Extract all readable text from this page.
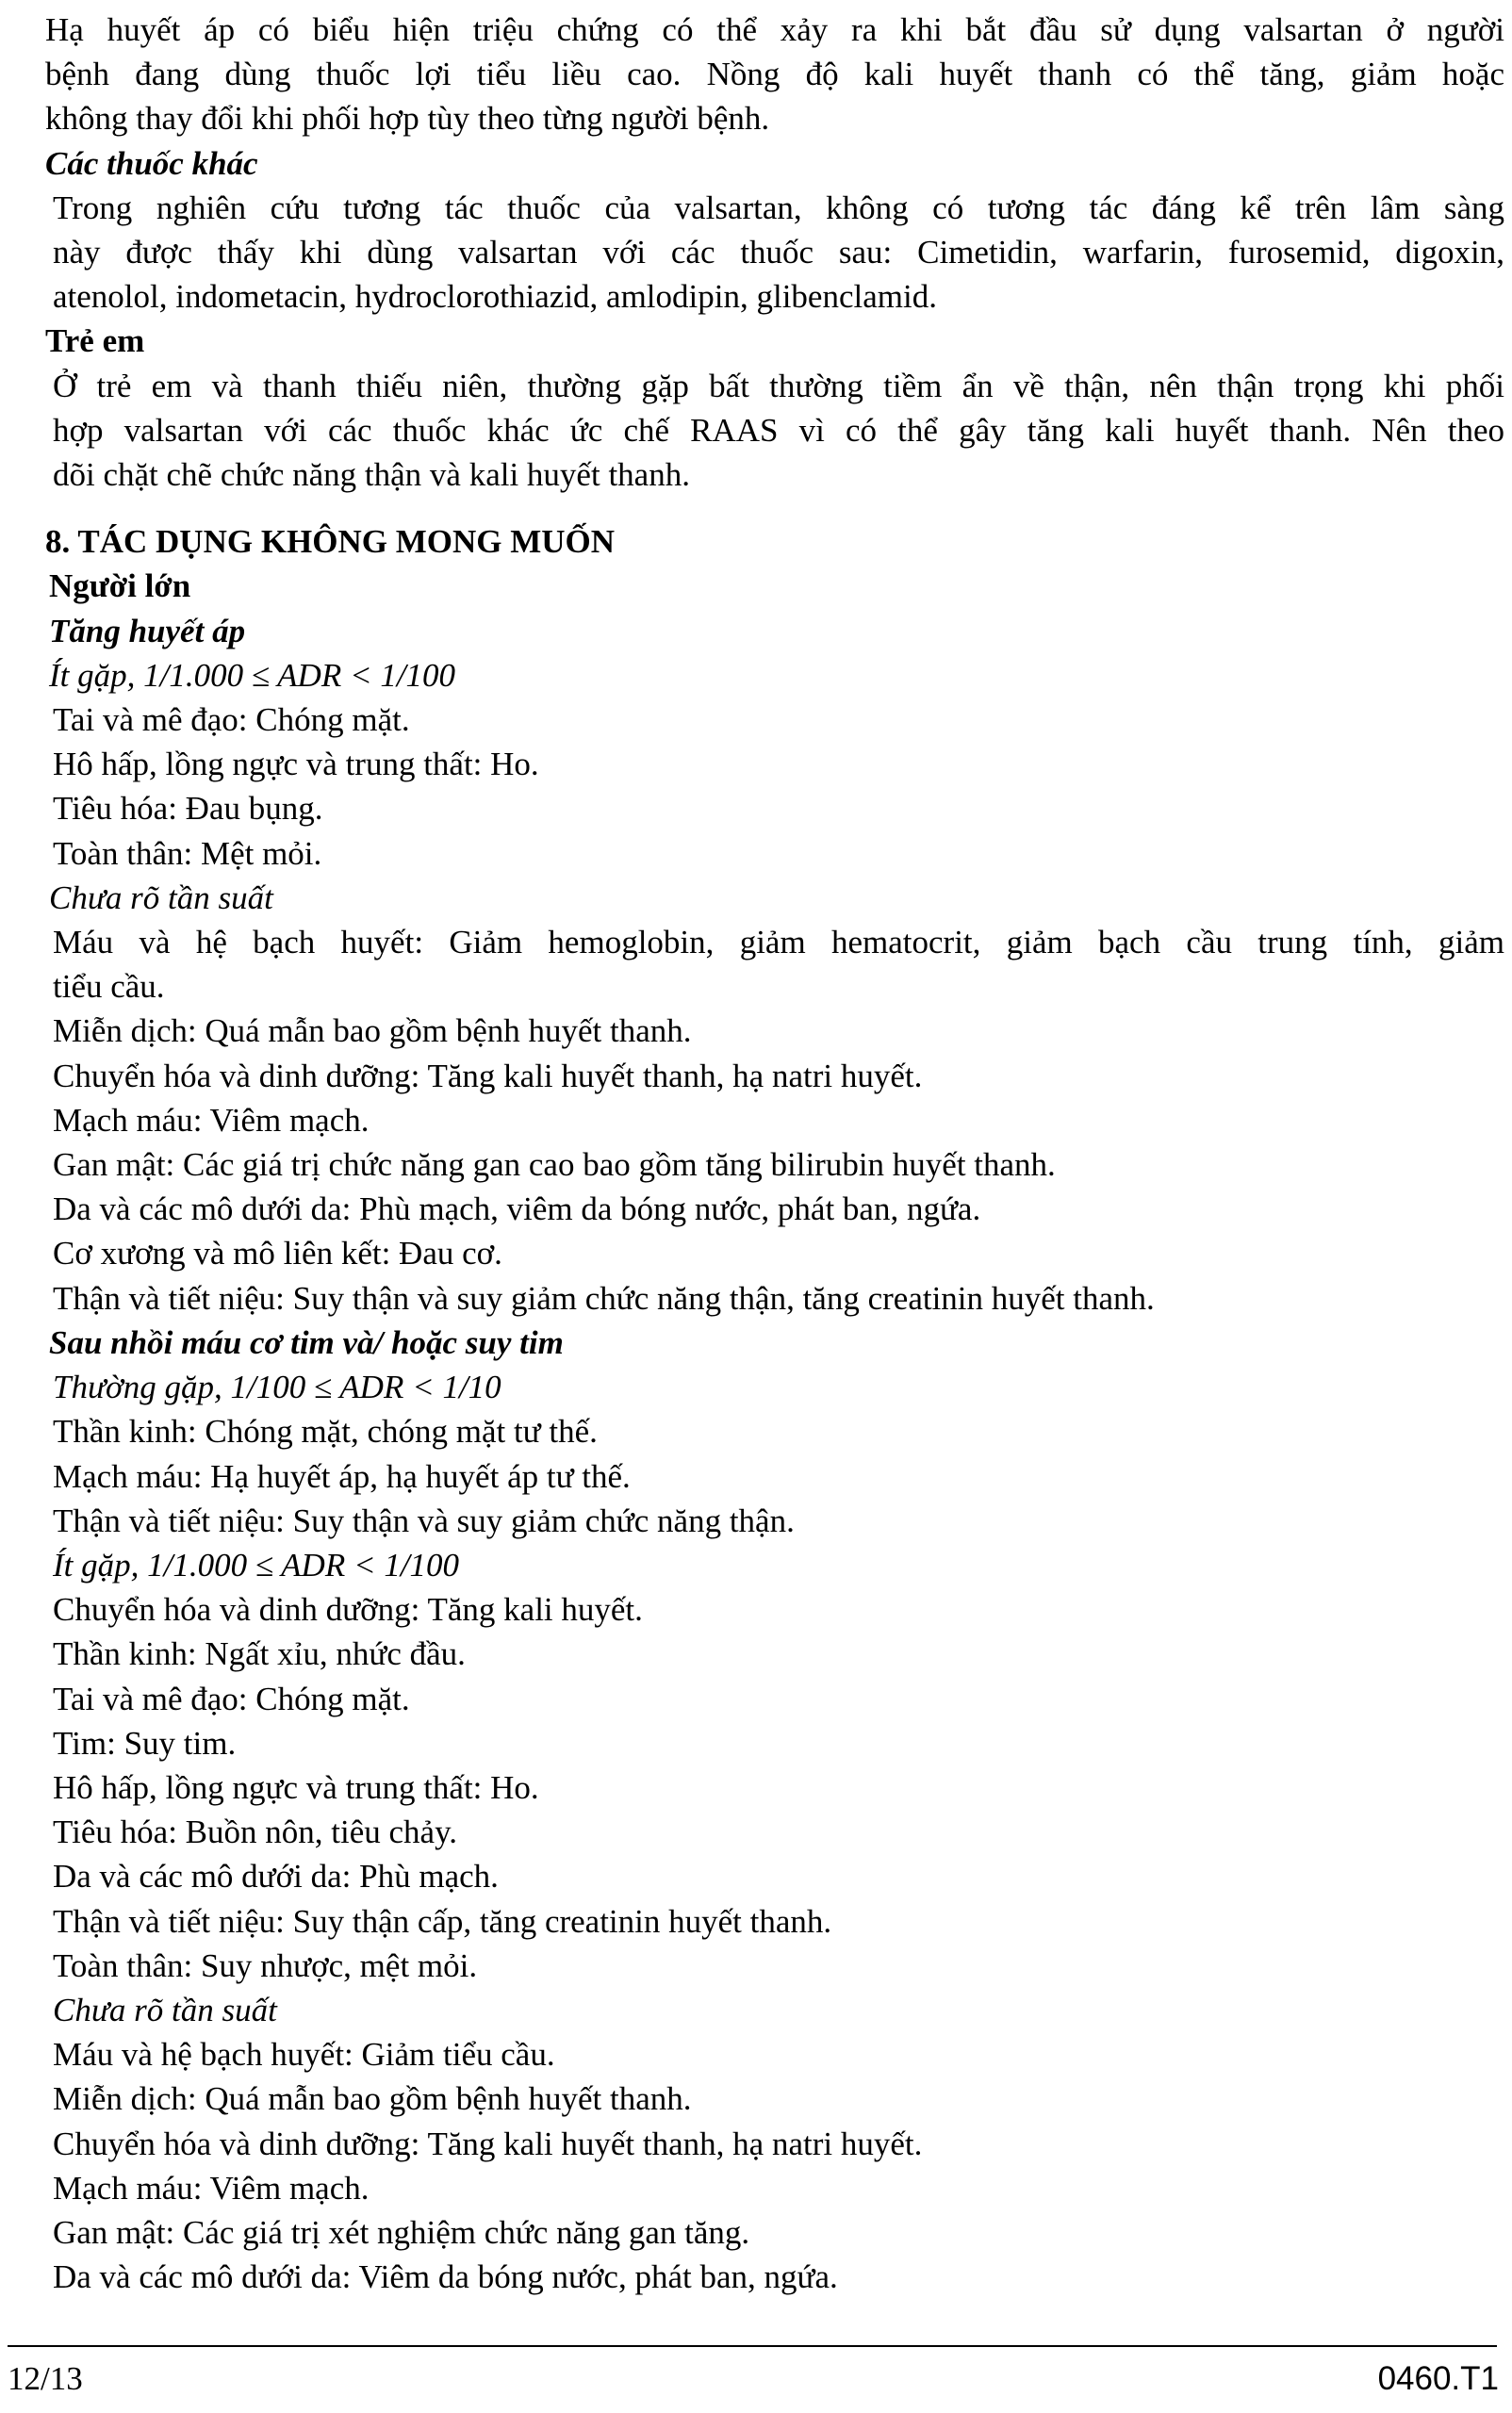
Hạ huyết áp có biểu hiện triệu chứng có thể xảy ra khi bắt đầu sử dụng valsartan ở người
bệnh đang dùng thuốc lợi tiểu liều cao. Nồng độ kali huyết thanh có thể tăng, giảm hoặc
không thay đổi khi phối hợp tùy theo từng người bệnh.
Các thuốc khác
Trong nghiên cứu tương tác thuốc của valsartan, không có tương tác đáng kể trên lâm sàng
này được thấy khi dùng valsartan với các thuốc sau: Cimetidin, warfarin, furosemid, digoxin,
atenolol, indometacin, hydroclorothiazid, amlodipin, glibenclamid.
Trẻ em
Ở trẻ em và thanh thiếu niên, thường gặp bất thường tiềm ẩn về thận, nên thận trọng khi phối
hợp valsartan với các thuốc khác ức chế RAAS vì có thể gây tăng kali huyết thanh. Nên theo
dõi chặt chẽ chức năng thận và kali huyết thanh.
8. TÁC DỤNG KHÔNG MONG MUỐN
Người lớn
Tăng huyết áp
Ít gặp, 1/1.000 ≤ ADR < 1/100
Tai và mê đạo: Chóng mặt.
Hô hấp, lồng ngực và trung thất: Ho.
Tiêu hóa: Đau bụng.
Toàn thân: Mệt mỏi.
Chưa rõ tần suất
Máu và hệ bạch huyết: Giảm hemoglobin, giảm hematocrit, giảm bạch cầu trung tính, giảm
tiểu cầu.
Miễn dịch: Quá mẫn bao gồm bệnh huyết thanh.
Chuyển hóa và dinh dưỡng: Tăng kali huyết thanh, hạ natri huyết.
Mạch máu: Viêm mạch.
Gan mật: Các giá trị chức năng gan cao bao gồm tăng bilirubin huyết thanh.
Da và các mô dưới da: Phù mạch, viêm da bóng nước, phát ban, ngứa.
Cơ xương và mô liên kết: Đau cơ.
Thận và tiết niệu: Suy thận và suy giảm chức năng thận, tăng creatinin huyết thanh.
Sau nhồi máu cơ tim và/ hoặc suy tim
Thường gặp, 1/100 ≤ ADR < 1/10
Thần kinh: Chóng mặt, chóng mặt tư thế.
Mạch máu: Hạ huyết áp, hạ huyết áp tư thế.
Thận và tiết niệu: Suy thận và suy giảm chức năng thận.
Ít gặp, 1/1.000 ≤ ADR < 1/100
Chuyển hóa và dinh dưỡng: Tăng kali huyết.
Thần kinh: Ngất xỉu, nhức đầu.
Tai và mê đạo: Chóng mặt.
Tim: Suy tim.
Hô hấp, lồng ngực và trung thất: Ho.
Tiêu hóa: Buồn nôn, tiêu chảy.
Da và các mô dưới da: Phù mạch.
Thận và tiết niệu: Suy thận cấp, tăng creatinin huyết thanh.
Toàn thân: Suy nhược, mệt mỏi.
Chưa rõ tần suất
Máu và hệ bạch huyết: Giảm tiểu cầu.
Miễn dịch: Quá mẫn bao gồm bệnh huyết thanh.
Chuyển hóa và dinh dưỡng: Tăng kali huyết thanh, hạ natri huyết.
Mạch máu: Viêm mạch.
Gan mật: Các giá trị xét nghiệm chức năng gan tăng.
Da và các mô dưới da: Viêm da bóng nước, phát ban, ngứa.
12/13	0460.T1
